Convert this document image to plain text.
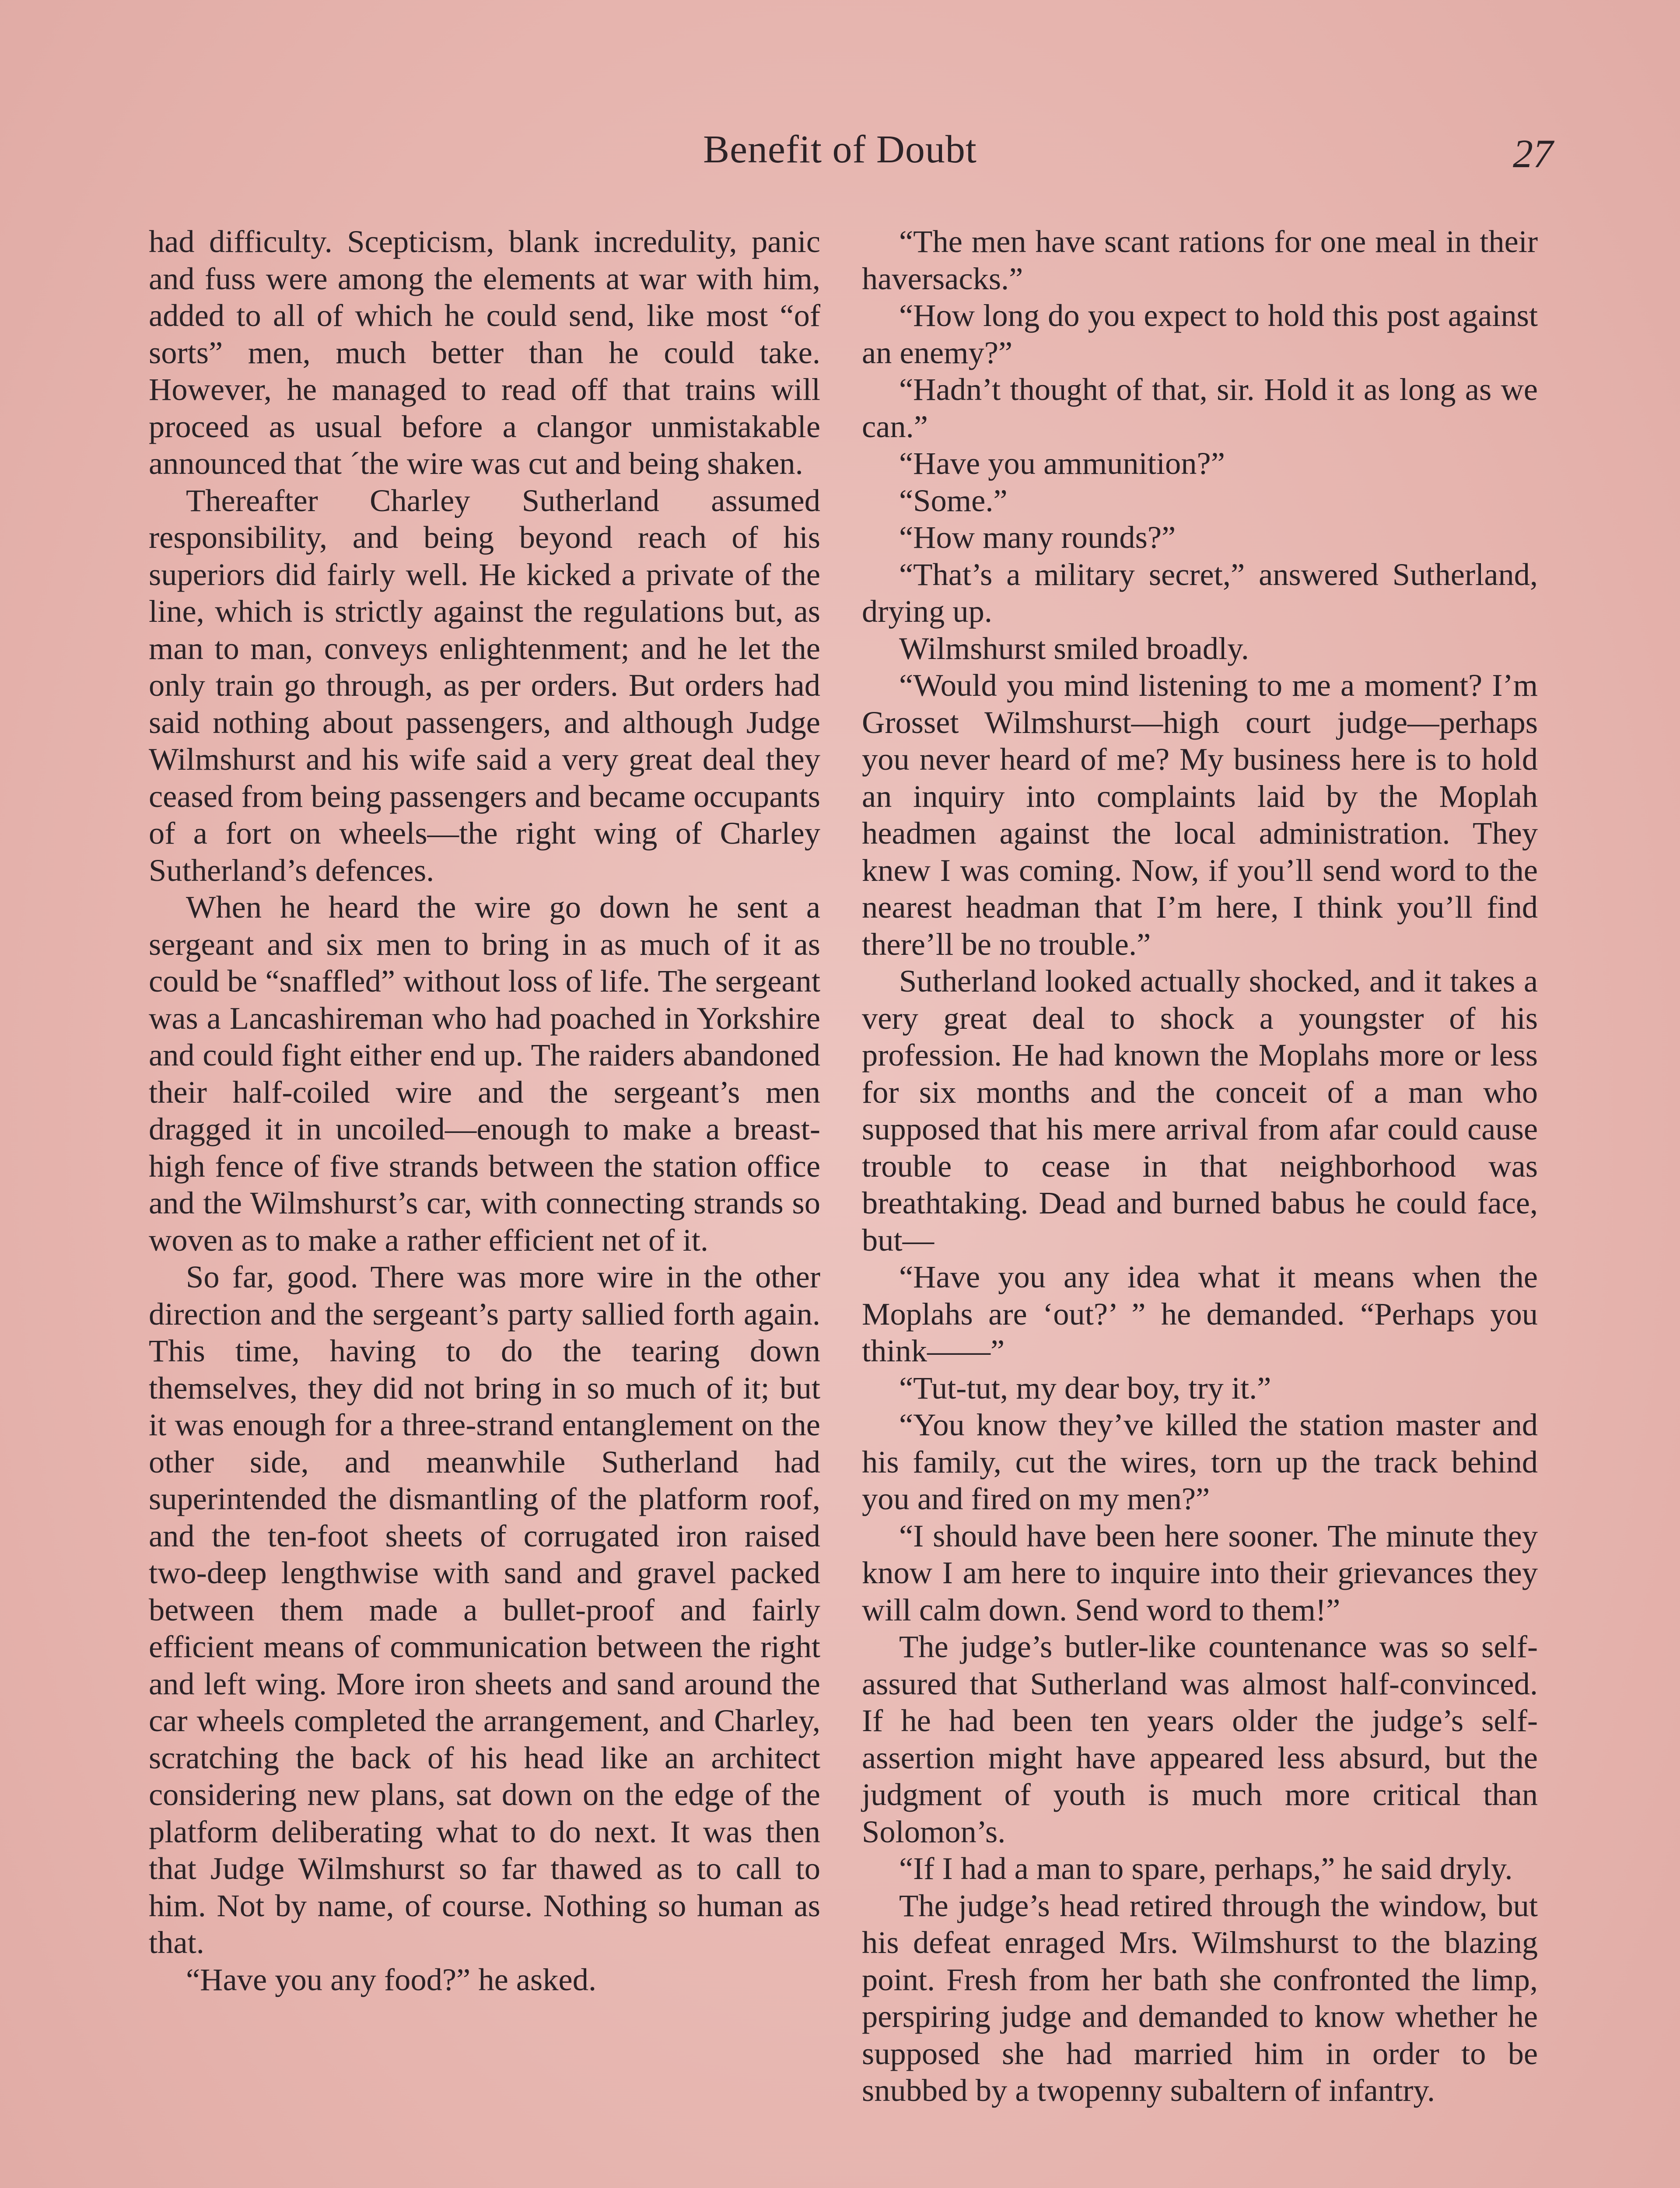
Benefit of Doubt	27

had difficulty. Scepticism, blank incredulity, panic and fuss were among the elements at war with him, added to all of which he could send, like most “of sorts” men, much better than he could take. However, he managed to read off that trains will proceed as usual before a clangor unmistakable announced that ´the wire was cut and being shaken.

Thereafter Charley Sutherland assumed responsibility, and being beyond reach of his superiors did fairly well. He kicked a private of the line, which is strictly against the regulations but, as man to man, conveys enlightenment; and he let the only train go through, as per orders. But orders had said nothing about passengers, and although Judge Wilmshurst and his wife said a very great deal they ceased from being passengers and became occupants of a fort on wheels—the right wing of Charley Sutherland’s defences.

When he heard the wire go down he sent a sergeant and six men to bring in as much of it as could be “snaffled” without loss of life. The sergeant was a Lancashireman who had poached in Yorkshire and could fight either end up. The raiders abandoned their half-coiled wire and the sergeant’s men dragged it in uncoiled—enough to make a breast-high fence of five strands between the station office and the Wilmshurst’s car, with connecting strands so woven as to make a rather efficient net of it.

So far, good. There was more wire in the other direction and the sergeant’s party sallied forth again. This time, having to do the tearing down themselves, they did not bring in so much of it; but it was enough for a three-strand entanglement on the other side, and meanwhile Sutherland had superintended the dismantling of the platform roof, and the ten-foot sheets of corrugated iron raised two-deep lengthwise with sand and gravel packed between them made a bullet-proof and fairly efficient means of communication between the right and left wing. More iron sheets and sand around the car wheels completed the arrangement, and Charley, scratching the back of his head like an architect considering new plans, sat down on the edge of the platform deliberating what to do next. It was then that Judge Wilmshurst so far thawed as to call to him. Not by name, of course. Nothing so human as that.

“Have you any food?” he asked.

“The men have scant rations for one meal in their haversacks.”

“How long do you expect to hold this post against an enemy?”

“Hadn’t thought of that, sir. Hold it as long as we can.”

“Have you ammunition?”

“Some.”

“How many rounds?”

“That’s a military secret,” answered Sutherland, drying up.

Wilmshurst smiled broadly.

“Would you mind listening to me a moment? I’m Grosset Wilmshurst—high court judge—perhaps you never heard of me? My business here is to hold an inquiry into complaints laid by the Moplah headmen against the local administration. They knew I was coming. Now, if you’ll send word to the nearest headman that I’m here, I think you’ll find there’ll be no trouble.”

Sutherland looked actually shocked, and it takes a very great deal to shock a youngster of his profession. He had known the Moplahs more or less for six months and the conceit of a man who supposed that his mere arrival from afar could cause trouble to cease in that neighborhood was breathtaking. Dead and burned babus he could face, but—

“Have you any idea what it means when the Moplahs are ‘out?’ ” he demanded. “Perhaps you think——”

“Tut-tut, my dear boy, try it.”

“You know they’ve killed the station master and his family, cut the wires, torn up the track behind you and fired on my men?”

“I should have been here sooner. The minute they know I am here to inquire into their grievances they will calm down. Send word to them!”

The judge’s butler-like countenance was so self-assured that Sutherland was almost half-convinced. If he had been ten years older the judge’s self-assertion might have appeared less absurd, but the judgment of youth is much more critical than Solomon’s.

“If I had a man to spare, perhaps,” he said dryly.

The judge’s head retired through the window, but his defeat enraged Mrs. Wilmshurst to the blazing point. Fresh from her bath she confronted the limp, perspiring judge and demanded to know whether he supposed she had married him in order to be snubbed by a twopenny subaltern of infantry.
